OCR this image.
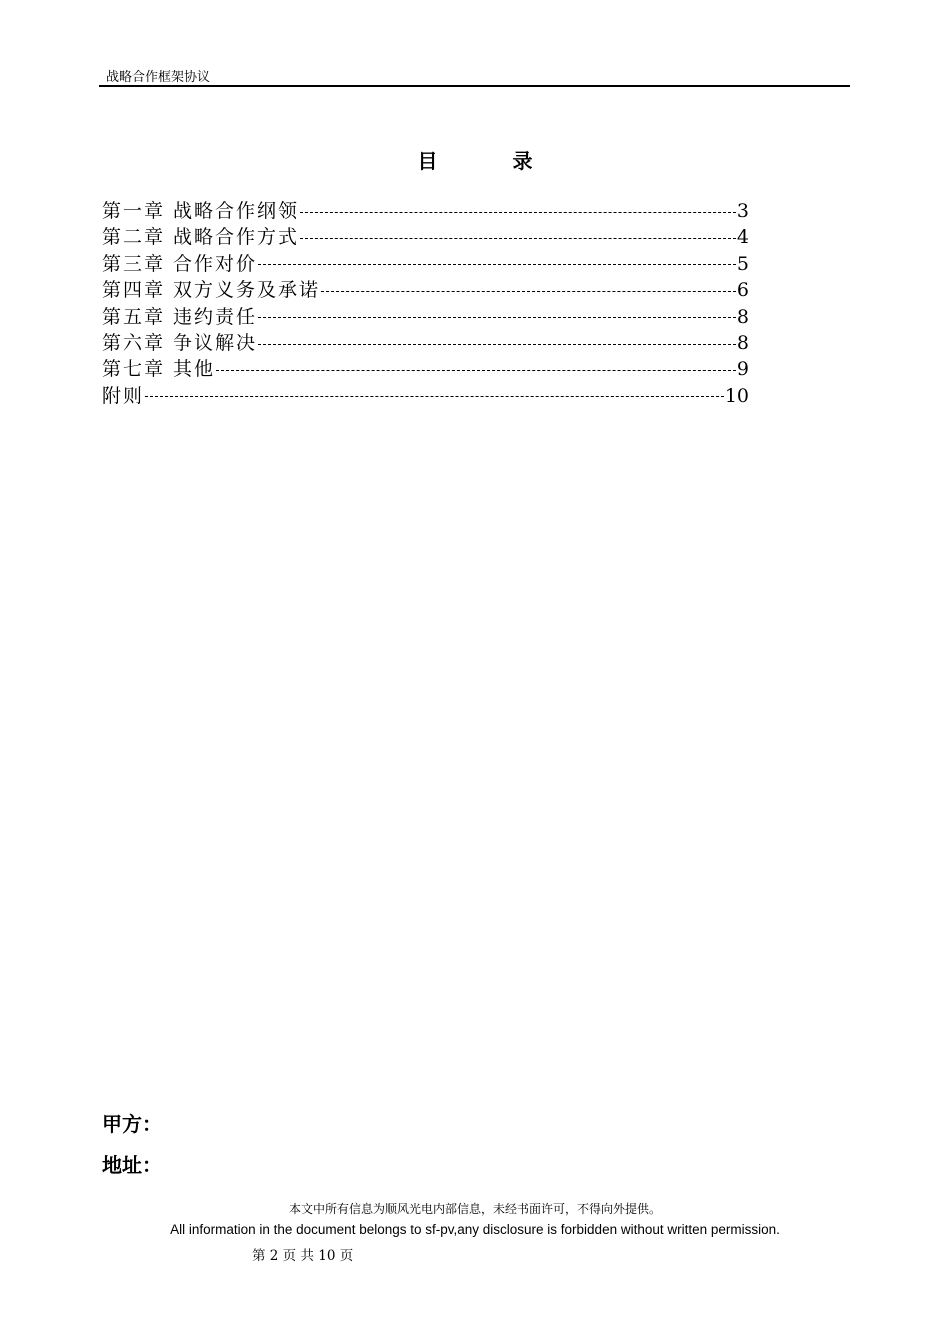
战略合作框架协议
目 录
第一章 战略合作纲领	3
第二章 战略合作方式	4
第三章 合作对价	5
第四章 双方义务及承诺	6
第五章 违约责任	8
第六章 争议解决	8
第七章 其他	9
附则	10
甲方：
地址：
本文中所有信息为顺风光电内部信息，未经书面许可，不得向外提供。
All information in the document belongs to sf-pv,any disclosure is forbidden without written permission.
第 2 页 共 10 页
